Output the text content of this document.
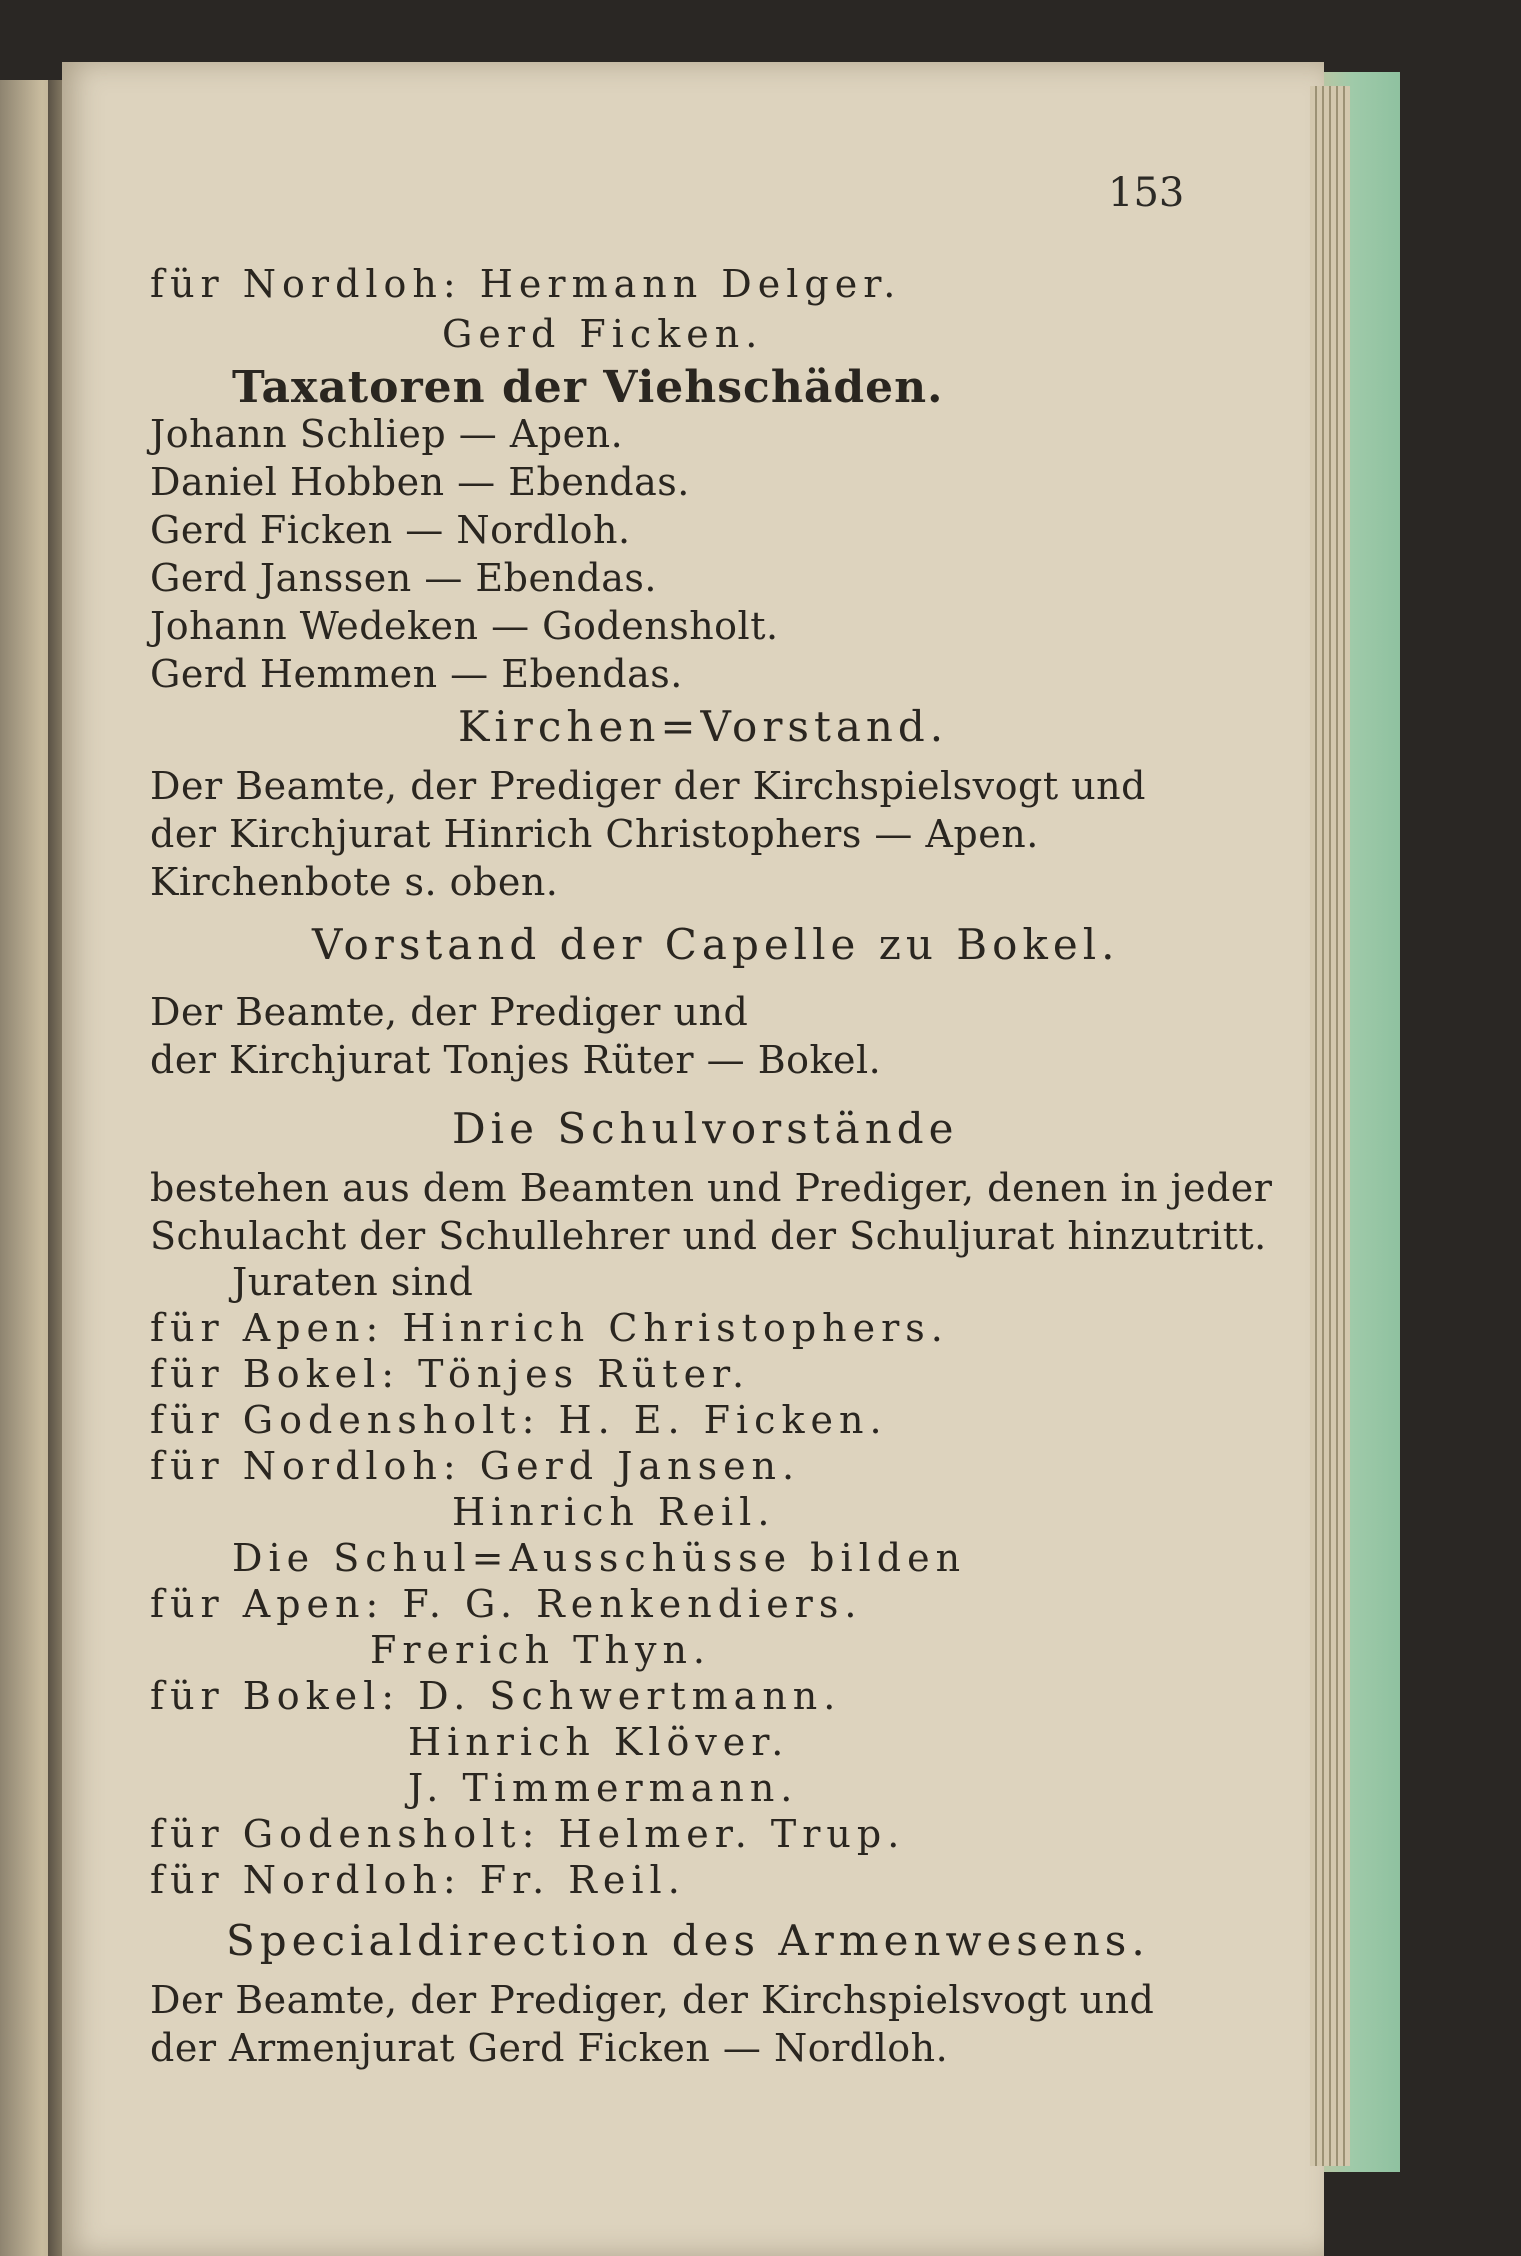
153
für Nordloh: Hermann Delger.
Gerd Ficken.
Taxatoren der Viehschäden.
Johann Schliep — Apen.
Daniel Hobben — Ebendas.
Gerd Ficken — Nordloh.
Gerd Janssen — Ebendas.
Johann Wedeken — Godensholt.
Gerd Hemmen — Ebendas.
Kirchen=Vorstand.
Der Beamte, der Prediger der Kirchspielsvogt und
der Kirchjurat Hinrich Christophers — Apen.
Kirchenbote s. oben.
Vorstand der Capelle zu Bokel.
Der Beamte, der Prediger und
der Kirchjurat Tonjes Rüter — Bokel.
Die Schulvorstände
bestehen aus dem Beamten und Prediger, denen in jeder
Schulacht der Schullehrer und der Schuljurat hinzutritt.
Juraten sind
für Apen: Hinrich Christophers.
für Bokel: Tönjes Rüter.
für Godensholt: H. E. Ficken.
für Nordloh: Gerd Jansen.
Hinrich Reil.
Die Schul=Ausschüsse bilden
für Apen: F. G. Renkendiers.
Frerich Thyn.
für Bokel: D. Schwertmann.
Hinrich Klöver.
J. Timmermann.
für Godensholt: Helmer. Trup.
für Nordloh: Fr. Reil.
Specialdirection des Armenwesens.
Der Beamte, der Prediger, der Kirchspielsvogt und
der Armenjurat Gerd Ficken — Nordloh.
